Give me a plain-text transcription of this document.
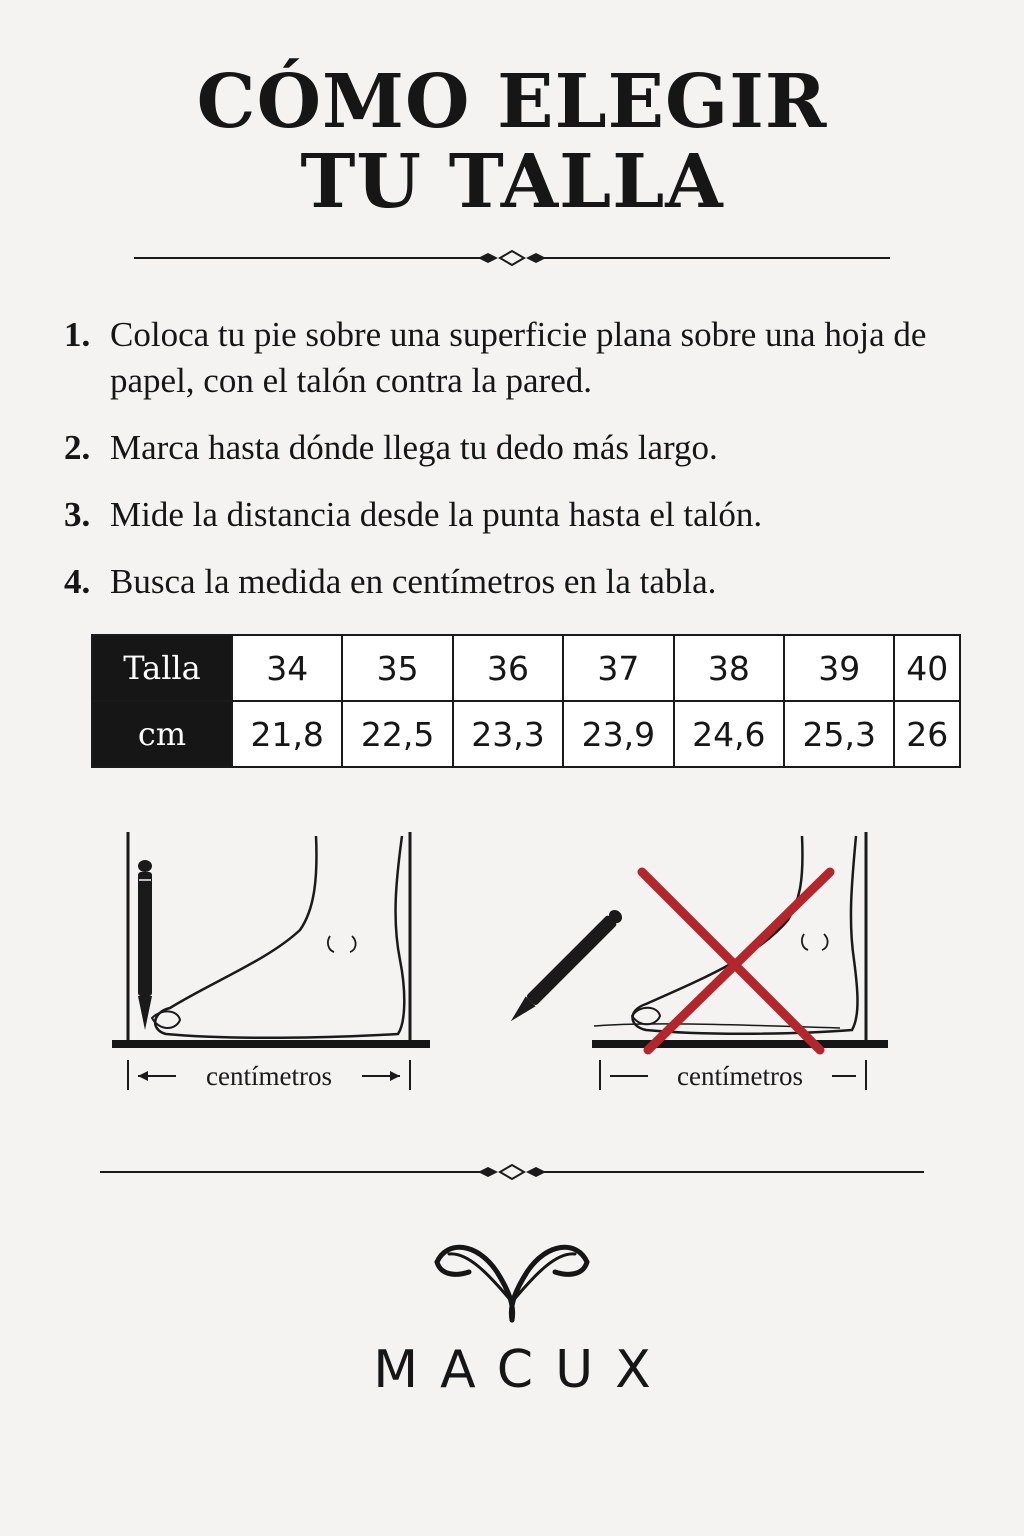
CÓMO ELEGIR
TU TALLA
1. Coloca tu pie sobre una superficie plana sobre una hoja de papel, con el talón contra la pared.
2. Marca hasta dónde llega tu dedo más largo.
3. Mide la distancia desde la punta hasta el talón.
4. Busca la medida en centímetros en la tabla.
Talla	34	35	36	37	38	39	40
cm	21,8	22,5	23,3	23,9	24,6	25,3	26
centímetros	centímetros
MACUX
